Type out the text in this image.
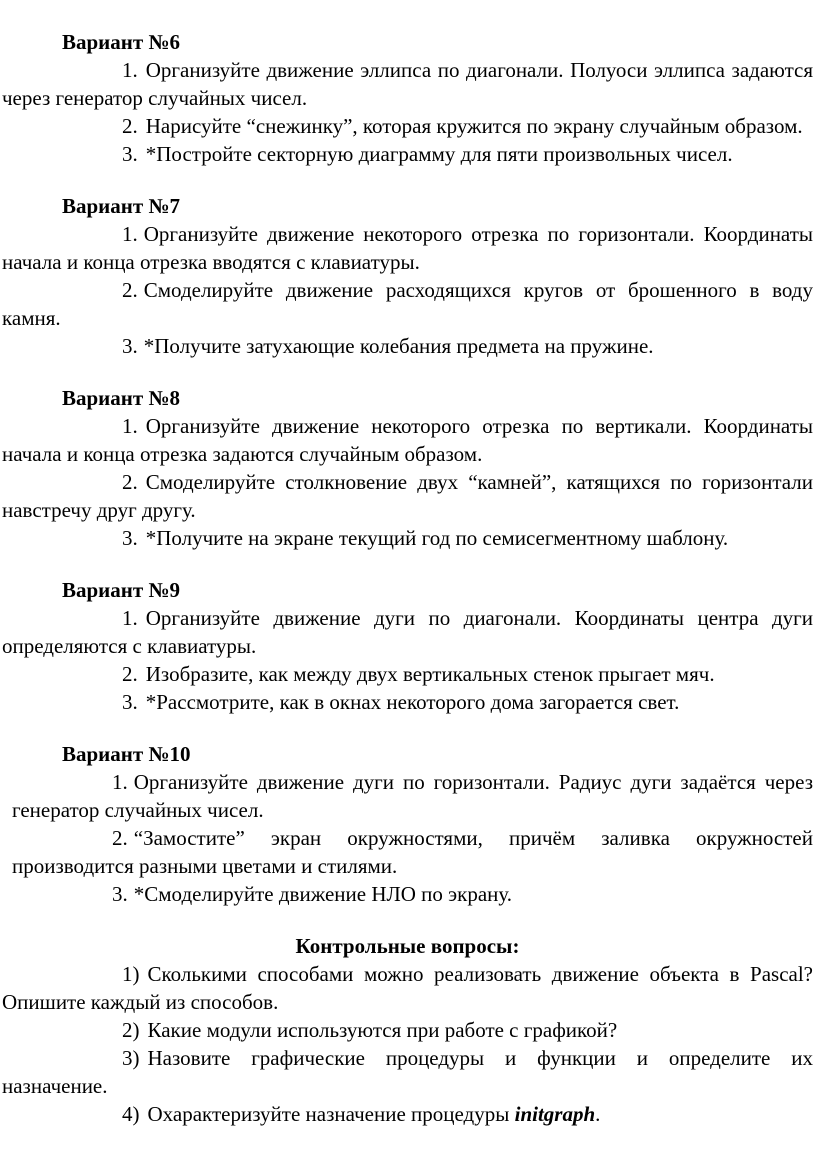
Вариант №6

1. Организуйте движение эллипса по диагонали. Полуоси эллипса задаются через генератор случайных чисел.

2. Нарисуйте “снежинку”, которая кружится по экрану случайным образом.

3. *Постройте секторную диаграмму для пяти произвольных чисел.

Вариант №7

1. Организуйте движение некоторого отрезка по горизонтали. Координаты начала и конца отрезка вводятся с клавиатуры.

2. Смоделируйте движение расходящихся кругов от брошенного в воду камня.

3. *Получите затухающие колебания предмета на пружине.

Вариант №8

1. Организуйте движение некоторого отрезка по вертикали. Координаты начала и конца отрезка задаются случайным образом.

2. Смоделируйте столкновение двух “камней”, катящихся по горизонтали навстречу друг другу.

3. *Получите на экране текущий год по семисегментному шаблону.

Вариант №9

1. Организуйте движение дуги по диагонали. Координаты центра дуги определяются с клавиатуры.

2. Изобразите, как между двух вертикальных стенок прыгает мяч.

3. *Рассмотрите, как в окнах некоторого дома загорается свет.

Вариант №10

1. Организуйте движение дуги по горизонтали. Радиус дуги задаётся через генератор случайных чисел.

2. “Замостите” экран окружностями, причём заливка окружностей производится разными цветами и стилями.

3. *Смоделируйте движение НЛО по экрану.

Контрольные вопросы:

1) Сколькими способами можно реализовать движение объекта в Pascal? Опишите каждый из способов.

2) Какие модули используются при работе с графикой?

3) Назовите графические процедуры и функции и определите их назначение.

4) Охарактеризуйте назначение процедуры initgraph.
